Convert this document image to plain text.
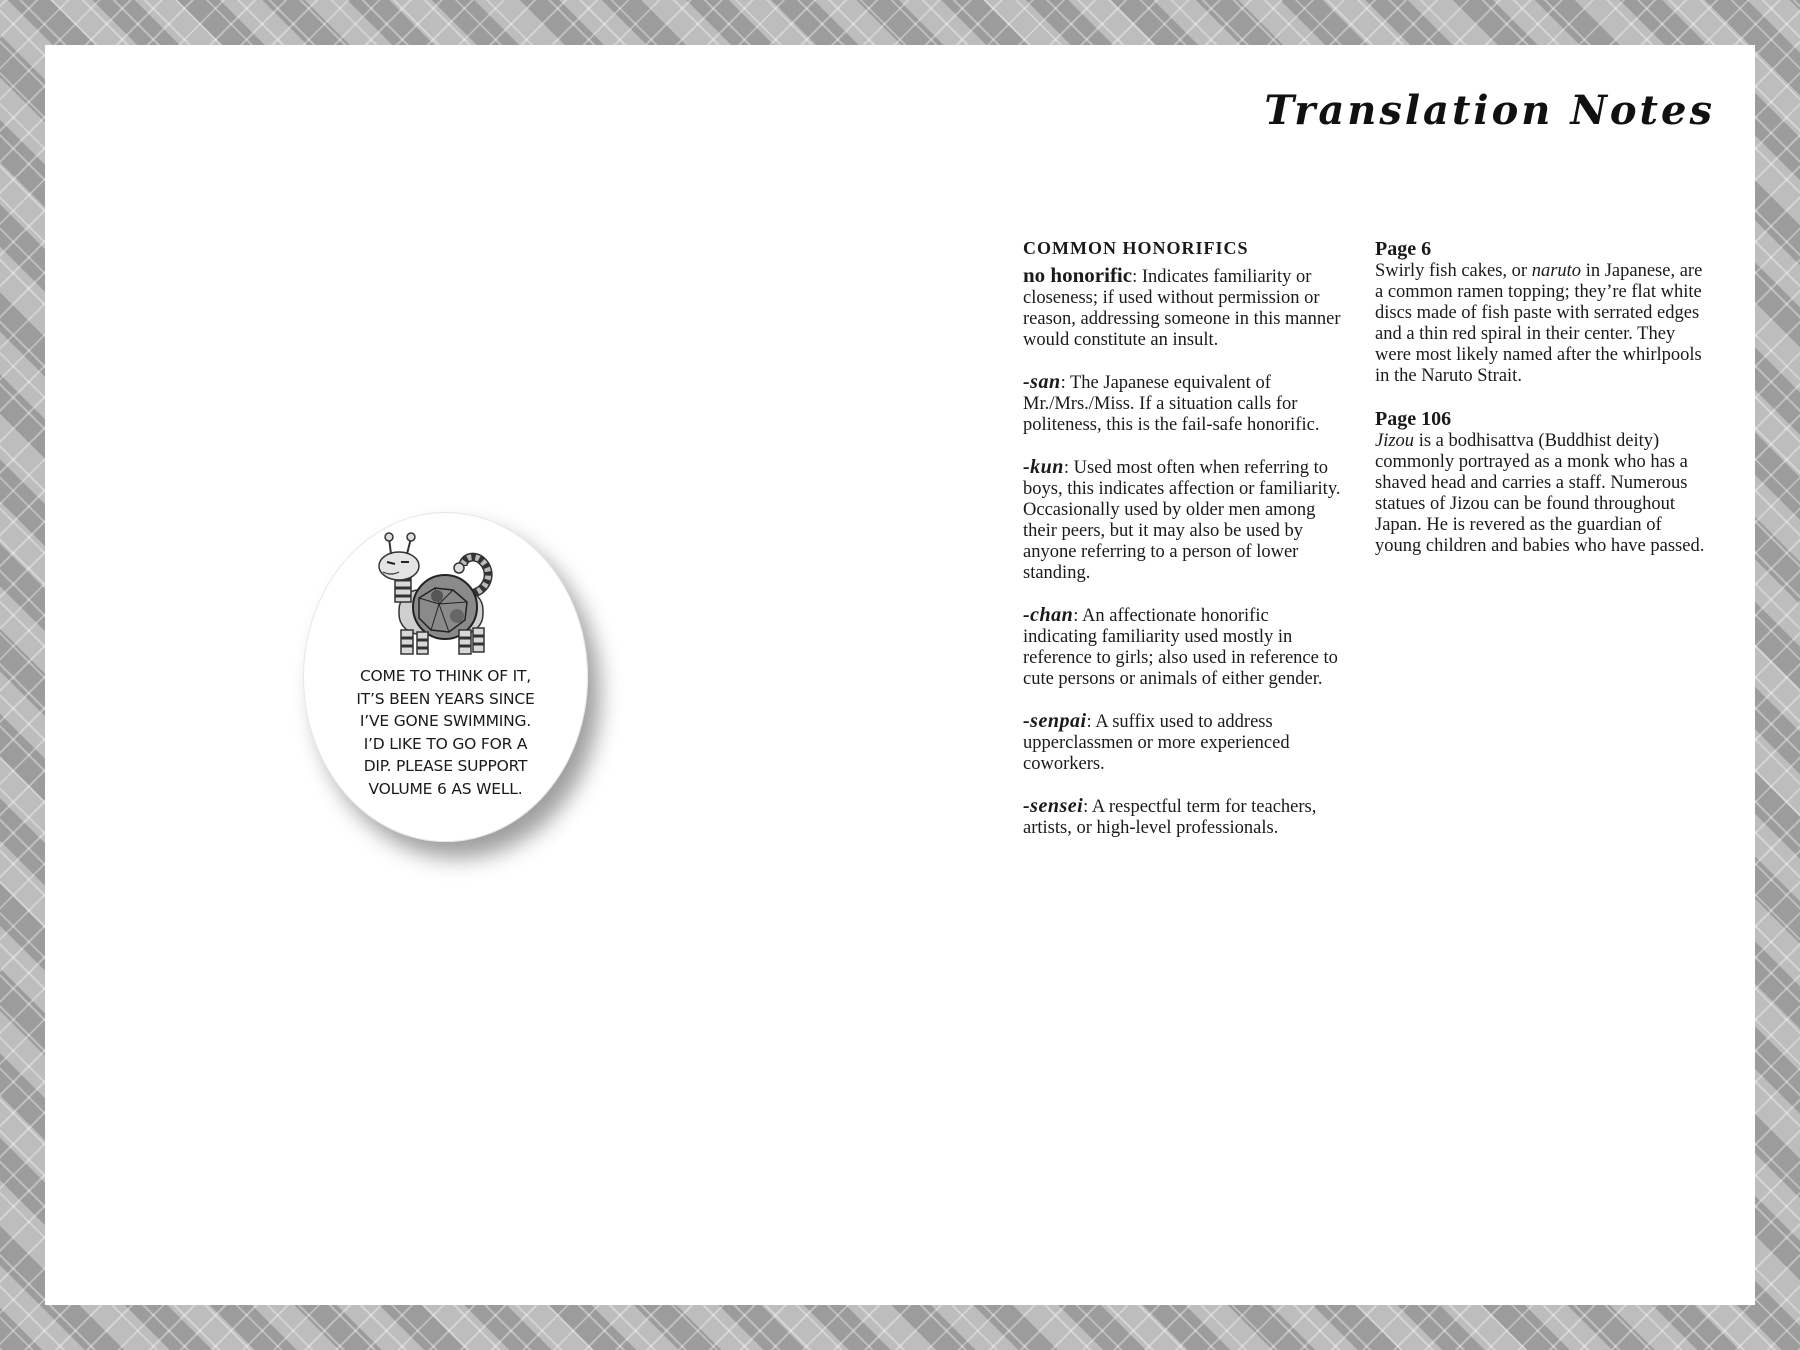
Translation Notes
COME TO THINK OF IT,
IT’S BEEN YEARS SINCE
I’VE GONE SWIMMING.
I’D LIKE TO GO FOR A
DIP. PLEASE SUPPORT
VOLUME 6 AS WELL.
COMMON HONORIFICS

no honorific: Indicates familiarity or closeness; if used without permission or reason, addressing someone in this manner would constitute an insult.

-san: The Japanese equivalent of Mr./Mrs./Miss. If a situation calls for politeness, this is the fail-safe honorific.

-kun: Used most often when referring to boys, this indicates affection or familiarity. Occasionally used by older men among their peers, but it may also be used by anyone referring to a person of lower standing.

-chan: An affectionate honorific indicating familiarity used mostly in reference to girls; also used in reference to cute persons or animals of either gender.

-senpai: A suffix used to address upperclassmen or more experienced coworkers.

-sensei: A respectful term for teachers, artists, or high-level professionals.

Page 6
Swirly fish cakes, or naruto in Japanese, are a common ramen topping; they’re flat white discs made of fish paste with serrated edges and a thin red spiral in their center. They were most likely named after the whirlpools in the Naruto Strait.

Page 106
Jizou is a bodhisattva (Buddhist deity) commonly portrayed as a monk who has a shaved head and carries a staff. Numerous statues of Jizou can be found throughout Japan. He is revered as the guardian of young children and babies who have passed.
